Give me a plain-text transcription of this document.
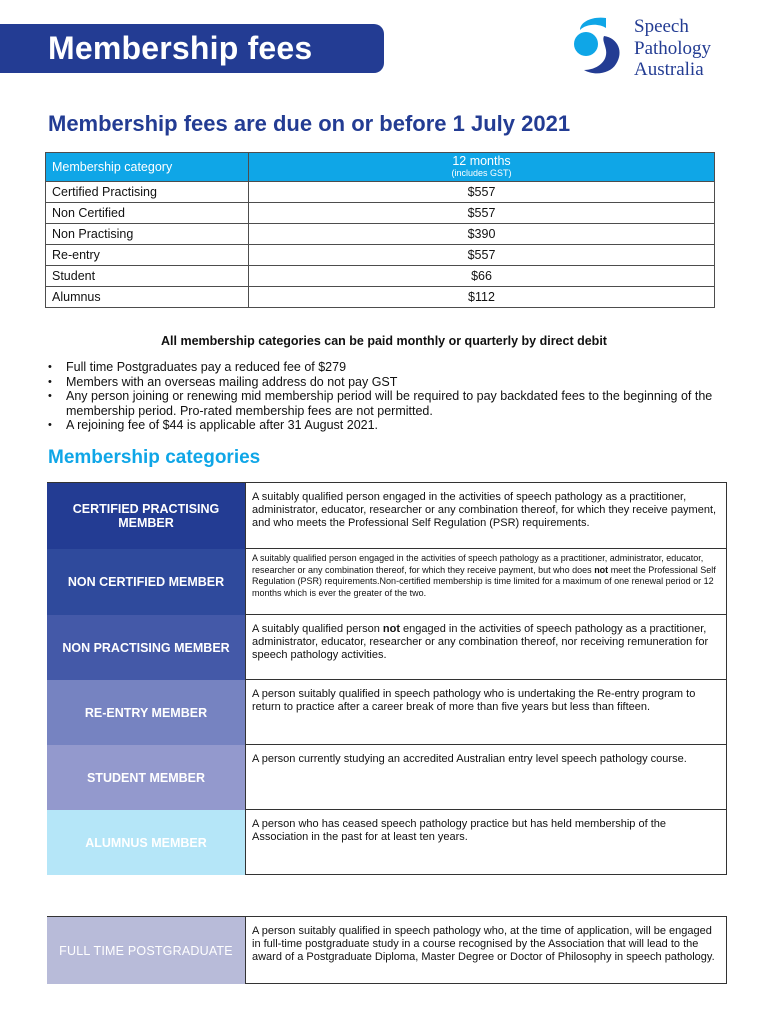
Membership fees
Speech
Pathology
Australia
Membership fees are due on or before 1 July 2021
Membership category	12 months
(includes GST)

Certified Practising	$557
Non Certified	$557
Non Practising	$390
Re-entry	$557
Student	$66
Alumnus	$112
All membership categories can be paid monthly or quarterly by direct debit
• Full time Postgraduates pay a reduced fee of $279
• Members with an overseas mailing address do not pay GST
• Any person joining or renewing mid membership period will be required to pay backdated fees to the beginning of the membership period. Pro-rated membership fees are not permitted.
• A rejoining fee of $44 is applicable after 31 August 2021.
Membership categories
CERTIFIED PRACTISING MEMBER
A suitably qualified person engaged in the activities of speech pathology as a practitioner, administrator, educator, researcher or any combination thereof, for which they receive payment, and who meets the Professional Self Regulation (PSR) requirements.
NON CERTIFIED MEMBER
A suitably qualified person engaged in the activities of speech pathology as a practitioner, administrator, educator, researcher or any combination thereof, for which they receive payment, but who does not meet the Professional Self Regulation (PSR) requirements.Non-certified membership is time limited for a maximum of one renewal period or 12 months which is ever the greater of the two.
NON PRACTISING MEMBER
A suitably qualified person not engaged in the activities of speech pathology as a practitioner, administrator, educator, researcher or any combination thereof, nor receiving remuneration for speech pathology activities.
RE-ENTRY MEMBER
A person suitably qualified in speech pathology who is undertaking the Re-entry program to return to practice after a career break of more than five years but less than fifteen.
STUDENT MEMBER
A person currently studying an accredited Australian entry level speech pathology course.
ALUMNUS MEMBER
A person who has ceased speech pathology practice but has held membership of the Association in the past for at least ten years.
FULL TIME POSTGRADUATE
A person suitably qualified in speech pathology who, at the time of application, will be engaged in full-time postgraduate study in a course recognised by the Association that will lead to the award of a Postgraduate Diploma, Master Degree or Doctor of Philosophy in speech pathology.
